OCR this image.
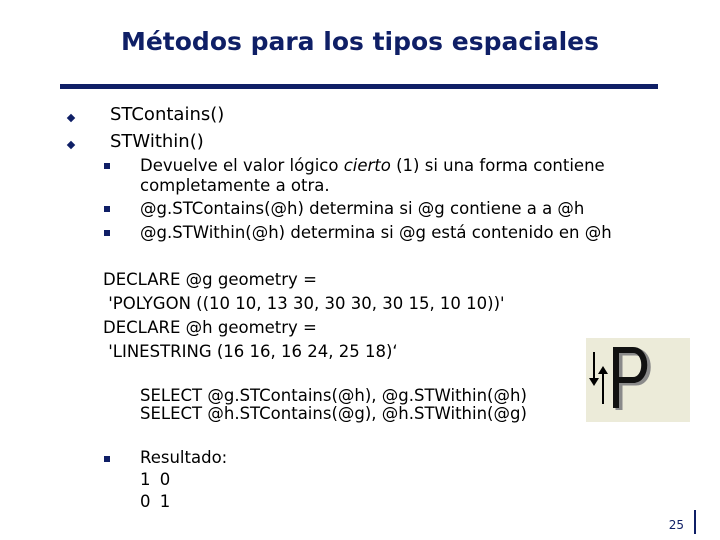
Métodos para los tipos espaciales
STContains()
STWithin()
Devuelve el valor lógico cierto (1) si una forma contiene
completamente a otra.
@g.STContains(@h) determina si @g contiene a a @h
@g.STWithin(@h) determina si @g está contenido en @h
DECLARE @g geometry =
'POLYGON ((10 10, 13 30, 30 30, 30 15, 10 10))'
DECLARE @h geometry =
'LINESTRING (16 16, 16 24, 25 18)‘
SELECT @g.STContains(@h), @g.STWithin(@h)
SELECT @h.STContains(@g), @h.STWithin(@g)
Resultado:
1 0
0 1
25
